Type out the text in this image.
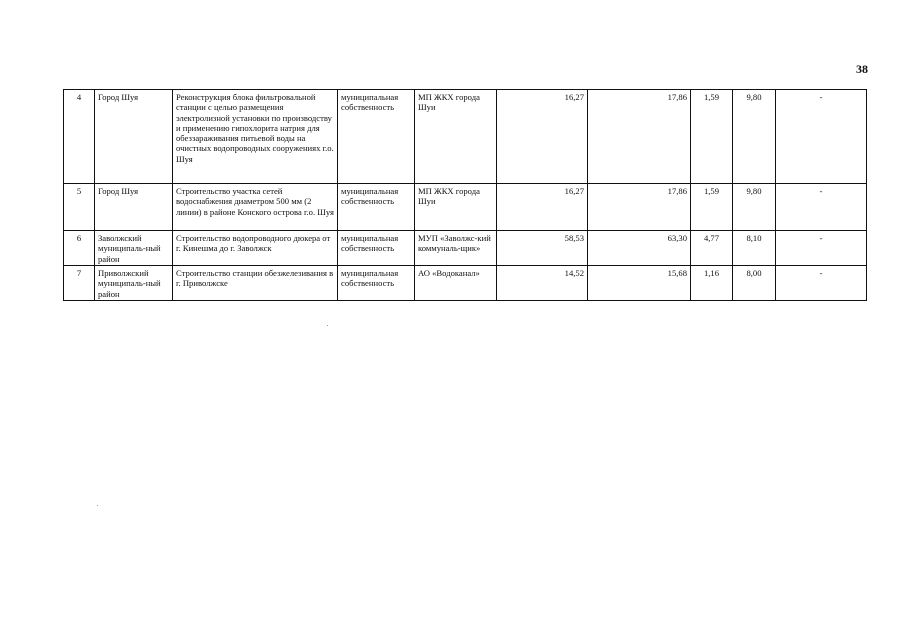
38
4	Город Шуя	Реконструкция блока фильтровальной станции с целью размещения электролизной установки по производству и применению гипохлорита натрия для обеззараживания питьевой воды на очистных водопроводных сооружениях г.о. Шуя	муниципальная собственность	МП ЖКХ города Шуи	16,27	17,86	1,59	9,80	-
5	Город Шуя	Строительство участка сетей водоснабжения диаметром 500 мм (2 линии) в районе Конского острова г.о. Шуя	муниципальная собственность	МП ЖКХ города Шуи	16,27	17,86	1,59	9,80	-
6	Заволжский муниципаль-ный район	Строительство водопроводного дюкера от г. Кинешма до г. Заволжск	муниципальная собственность	МУП «Заволжс-кий коммуналь-щик»	58,53	63,30	4,77	8,10	-
7	Приволжский муниципаль-ный район	Строительство станции обезжелезивания в г. Приволжске	муниципальная собственность	АО «Водоканал»	14,52	15,68	1,16	8,00	-
